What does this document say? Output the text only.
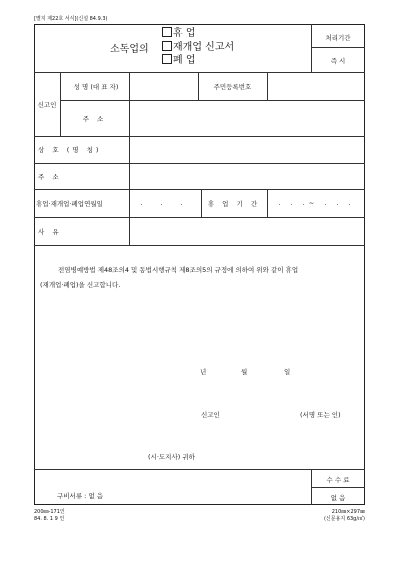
[별지 제22호 서식](신설 84.9.3)
소독업의
휴 업
재개업 신고서
폐 업
처리기간
즉 시
신고인
성 명 (대 표 자)	주민등록번호
주 소
상 호 (명 칭)
주 소
휴업·재개업·폐업연월일	. . .	휴 업 기 간	. . .~ . . .
사 유
전염병예방법 제48조의4 및 동법시행규칙 제8조의5의 규정에 의하여 위와 같이 휴업
(재개업·폐업)을 신고합니다.
년	월	일
신고인	(서명 또는 인)
(시·도지사) 귀하
구비서류 : 없 음
수 수 료
없 음
200㎜-171인
84. 8. 1 9 인
210㎜×297㎜
(신문용지 63g/㎡)
